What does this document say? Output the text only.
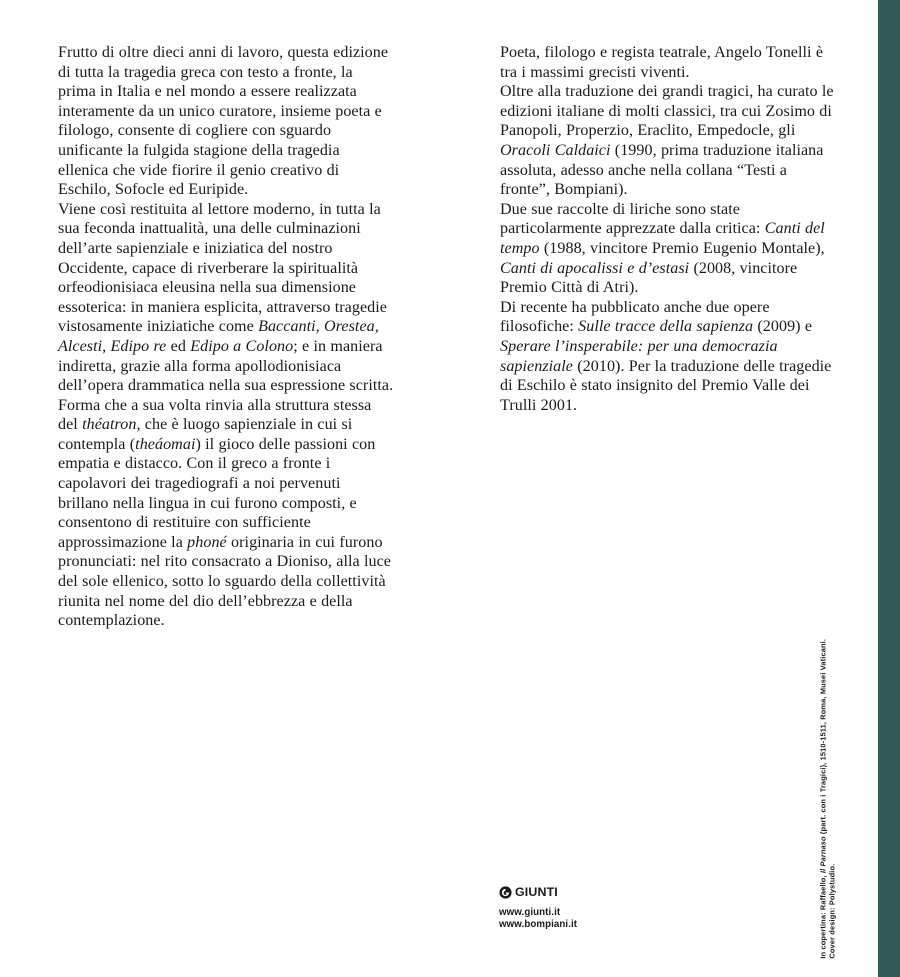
Frutto di oltre dieci anni di lavoro, questa edizione di tutta la tragedia greca con testo a fronte, la prima in Italia e nel mondo a essere realizzata interamente da un unico curatore, insieme poeta e filologo, consente di cogliere con sguardo unificante la fulgida stagione della tragedia ellenica che vide fiorire il genio creativo di Eschilo, Sofocle ed Euripide.

Viene così restituita al lettore moderno, in tutta la sua feconda inattualità, una delle culminazioni dell’arte sapienziale e iniziatica del nostro Occidente, capace di riverberare la spiritualità orfeodionisiaca eleusina nella sua dimensione essoterica: in maniera esplicita, attraverso tragedie vistosamente iniziatiche come Baccanti, Orestea, Alcesti, Edipo re ed Edipo a Colono; e in maniera indiretta, grazie alla forma apollodionisiaca dell’opera drammatica nella sua espressione scritta.

Forma che a sua volta rinvia alla struttura stessa del théatron, che è luogo sapienziale in cui si contempla (theáomai) il gioco delle passioni con empatia e distacco. Con il greco a fronte i capolavori dei tragediografi a noi pervenuti brillano nella lingua in cui furono composti, e consentono di restituire con sufficiente approssimazione la phoné originaria in cui furono pronunciati: nel rito consacrato a Dioniso, alla luce del sole ellenico, sotto lo sguardo della collettività riunita nel nome del dio dell’ebbrezza e della contemplazione.

Poeta, filologo e regista teatrale, Angelo Tonelli è tra i massimi grecisti viventi.

Oltre alla traduzione dei grandi tragici, ha curato le edizioni italiane di molti classici, tra cui Zosimo di Panopoli, Properzio, Eraclito, Empedocle, gli Oracoli Caldaici (1990, prima traduzione italiana assoluta, adesso anche nella collana “Testi a fronte”, Bompiani).

Due sue raccolte di liriche sono state particolarmente apprezzate dalla critica: Canti del tempo (1988, vincitore Premio Eugenio Montale), Canti di apocalissi e d’estasi (2008, vincitore Premio Città di Atri).

Di recente ha pubblicato anche due opere filosofiche: Sulle tracce della sapienza (2009) e Sperare l’insperabile: per una democrazia sapienziale (2010). Per la traduzione delle tragedie di Eschilo è stato insignito del Premio Valle dei Trulli 2001.

GIUNTI
www.giunti.it
www.bompiani.it	In copertina: Raffaello, Il Parnaso (part. con i Tragici), 1510-1511, Roma, Musei Vaticani.
Cover design: Polystudio.
